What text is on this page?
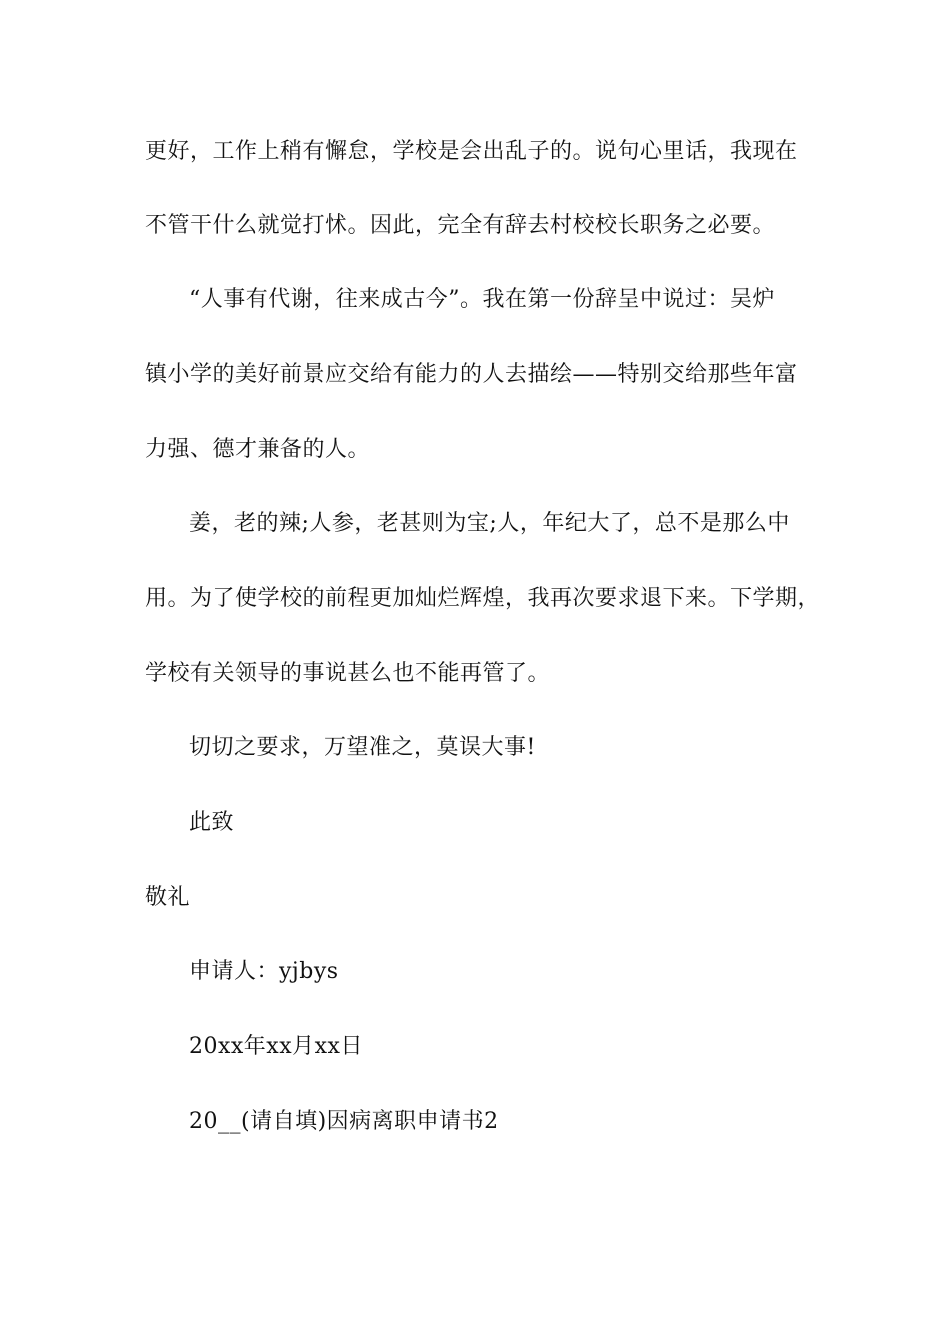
更好，工作上稍有懈怠，学校是会出乱子的。说句心里话，我现在
不管干什么就觉打怵。因此，完全有辞去村校校长职务之必要。
“人事有代谢，往来成古今”。我在第一份辞呈中说过：吴炉
镇小学的美好前景应交给有能力的人去描绘——特别交给那些年富
力强、德才兼备的人。
姜，老的辣;人参，老甚则为宝;人，年纪大了，总不是那么中
用。为了使学校的前程更加灿烂辉煌，我再次要求退下来。下学期，
学校有关领导的事说甚么也不能再管了。
切切之要求，万望准之，莫误大事!
此致
敬礼
申请人：yjbys
20xx年xx月xx日
20__(请自填)因病离职申请书2
